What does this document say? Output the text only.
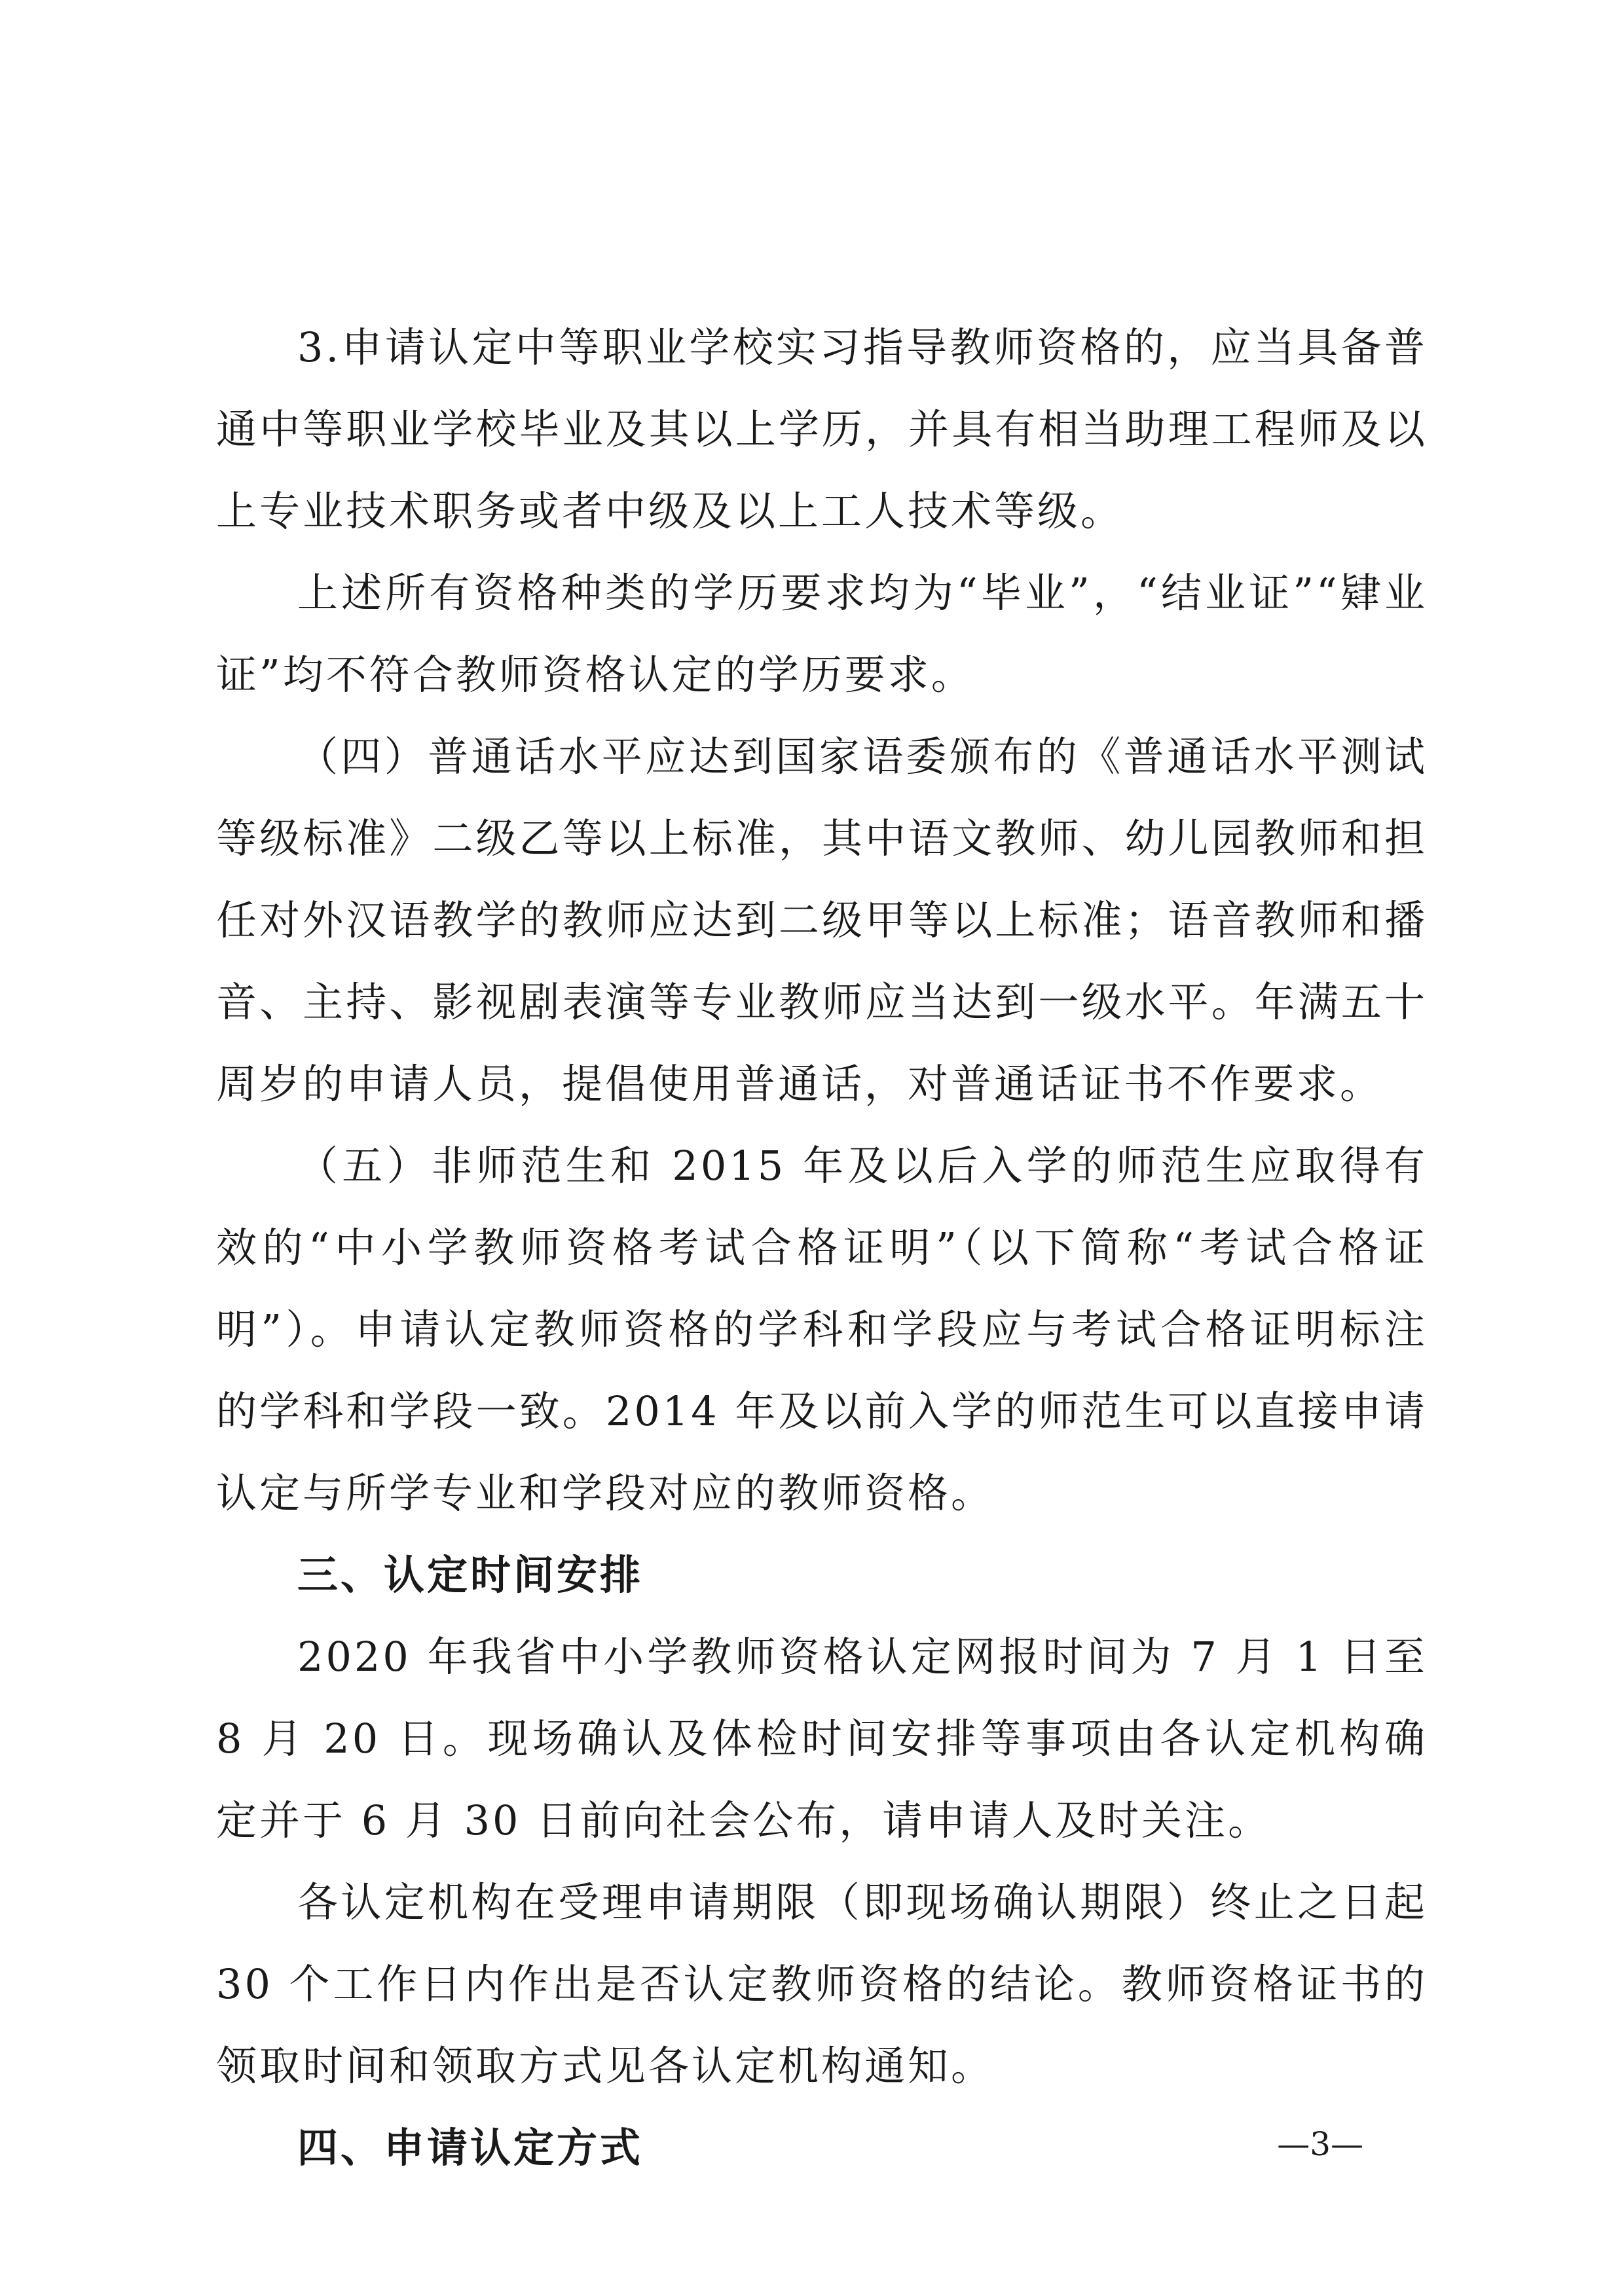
3.申请认定中等职业学校实习指导教师资格的，应当具备普通中等职业学校毕业及其以上学历，并具有相当助理工程师及以上专业技术职务或者中级及以上工人技术等级。

上述所有资格种类的学历要求均为“毕业”，“结业证”“肄业证”均不符合教师资格认定的学历要求。

（四）普通话水平应达到国家语委颁布的《普通话水平测试等级标准》二级乙等以上标准，其中语文教师、幼儿园教师和担任对外汉语教学的教师应达到二级甲等以上标准；语音教师和播音、主持、影视剧表演等专业教师应当达到一级水平。年满五十周岁的申请人员，提倡使用普通话，对普通话证书不作要求。

（五）非师范生和 2015 年及以后入学的师范生应取得有效的“中小学教师资格考试合格证明”（以下简称“考试合格证明”）。申请认定教师资格的学科和学段应与考试合格证明标注的学科和学段一致。2014 年及以前入学的师范生可以直接申请认定与所学专业和学段对应的教师资格。

三、认定时间安排

2020 年我省中小学教师资格认定网报时间为 7 月 1 日至 8 月 20 日。现场确认及体检时间安排等事项由各认定机构确定并于 6 月 30 日前向社会公布，请申请人及时关注。

各认定机构在受理申请期限（即现场确认期限）终止之日起 30 个工作日内作出是否认定教师资格的结论。教师资格证书的领取时间和领取方式见各认定机构通知。

四、申请认定方式	—3—
